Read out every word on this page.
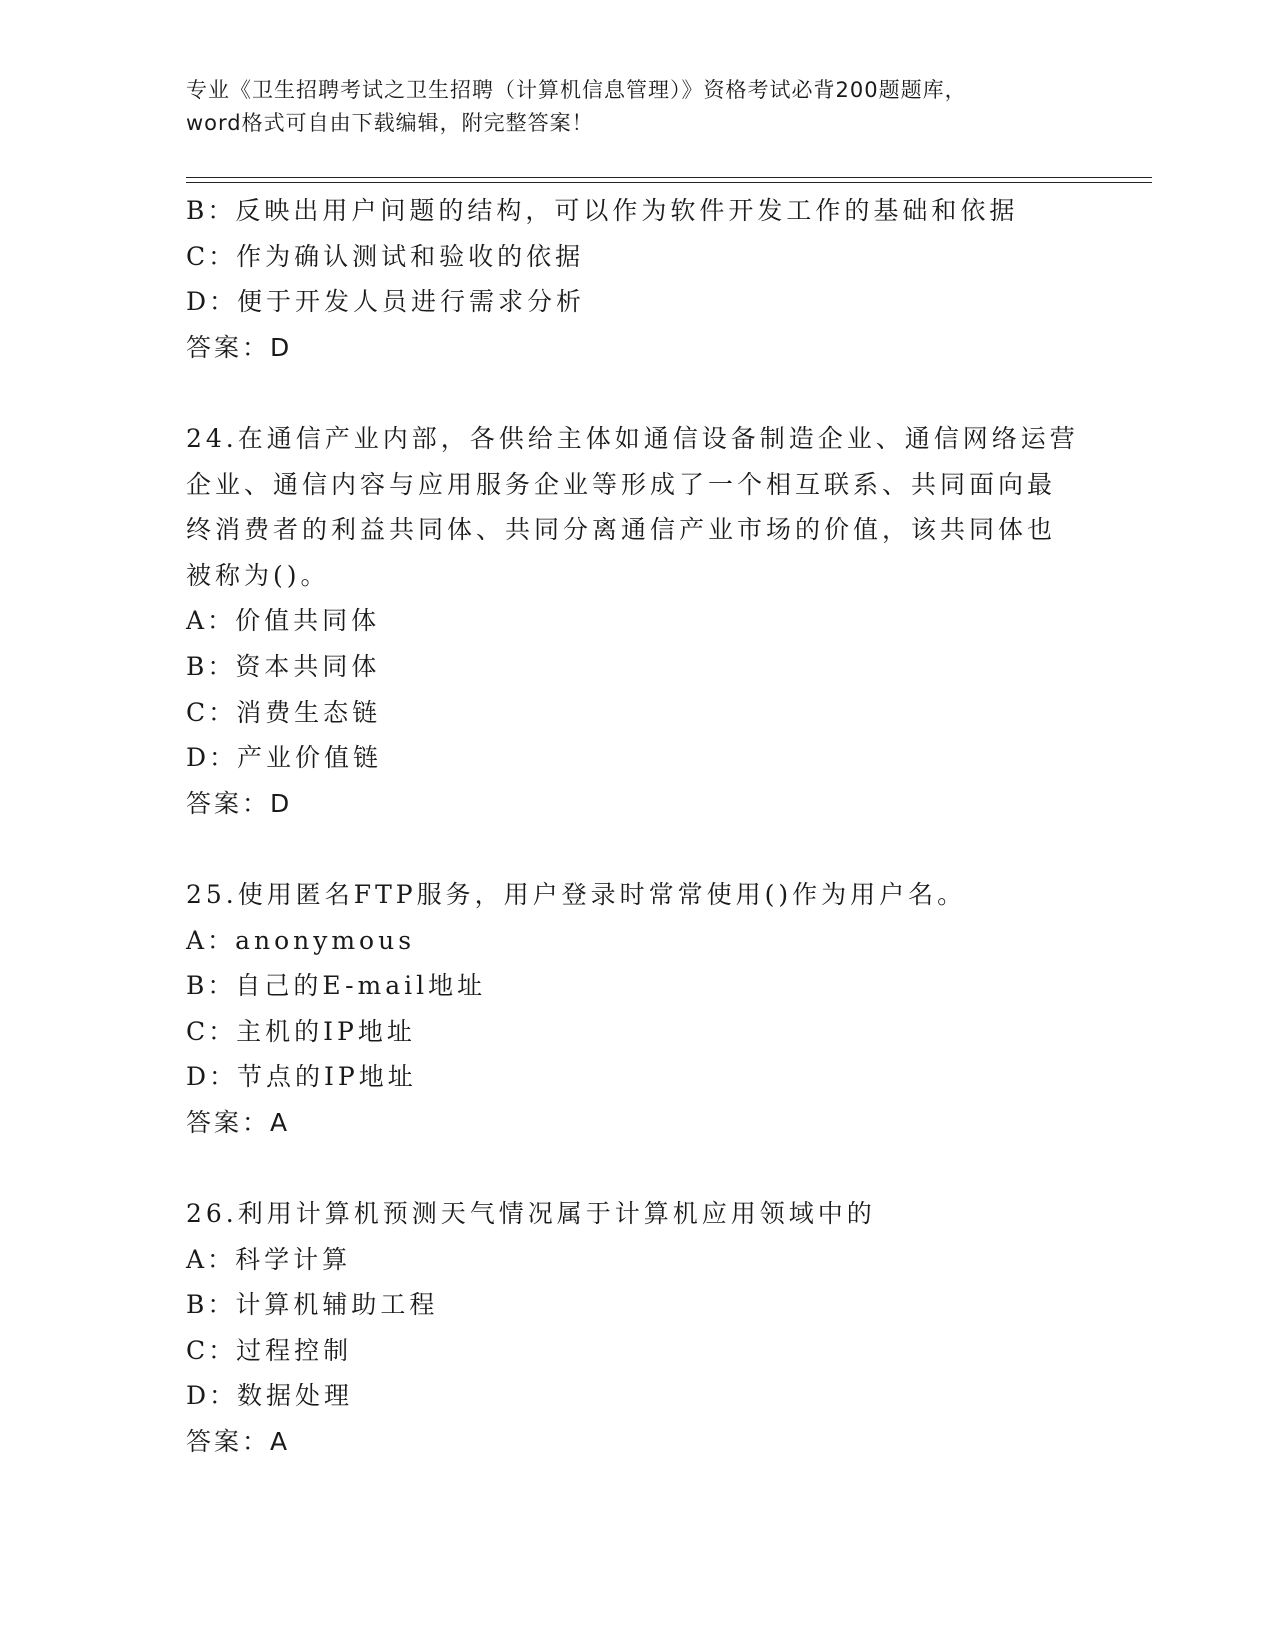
专业《卫生招聘考试之卫生招聘（计算机信息管理）》资格考试必背200题题库，
word格式可自由下载编辑，附完整答案！
B：反映出用户问题的结构，可以作为软件开发工作的基础和依据
C：作为确认测试和验收的依据
D：便于开发人员进行需求分析
答案：D
24.在通信产业内部，各供给主体如通信设备制造企业、通信网络运营
企业、通信内容与应用服务企业等形成了一个相互联系、共同面向最
终消费者的利益共同体、共同分离通信产业市场的价值，该共同体也
被称为()。
A：价值共同体
B：资本共同体
C：消费生态链
D：产业价值链
答案：D
25.使用匿名FTP服务，用户登录时常常使用()作为用户名。
A：anonymous
B：自己的E-mail地址
C：主机的IP地址
D：节点的IP地址
答案：A
26.利用计算机预测天气情况属于计算机应用领域中的
A：科学计算
B：计算机辅助工程
C：过程控制
D：数据处理
答案：A
